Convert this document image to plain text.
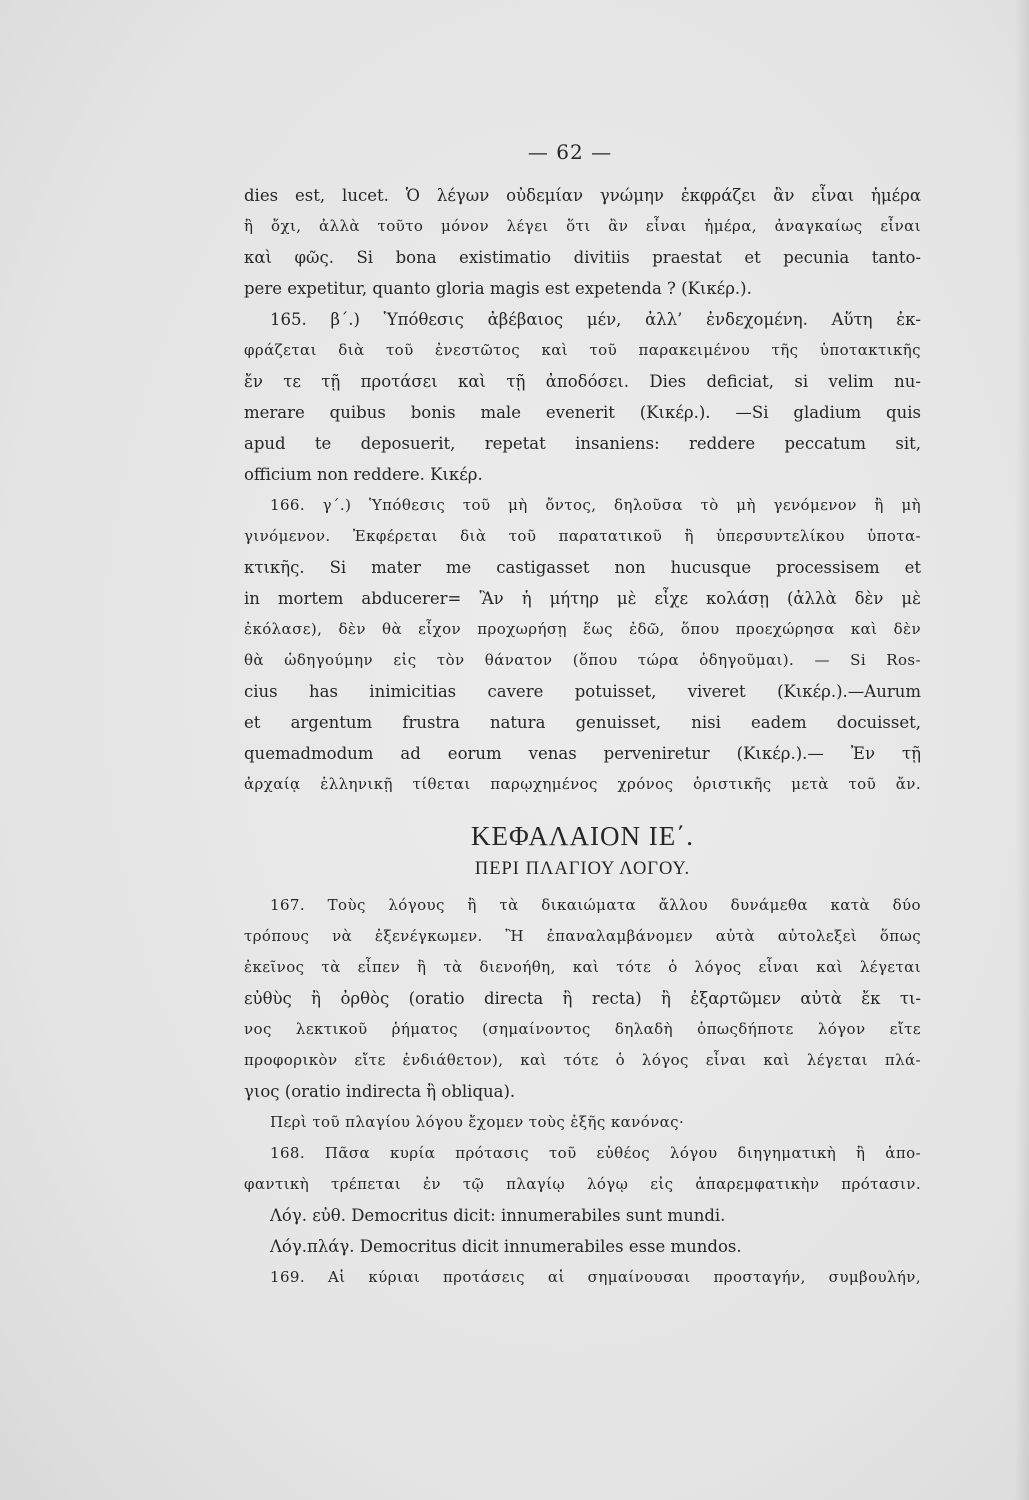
— 62 —
dies est, lucet. Ὁ λέγων οὐδεμίαν γνώμην ἐκφράζει ἂν εἶναι ἡμέρα
ἢ ὄχι, ἀλλὰ τοῦτο μόνον λέγει ὅτι ἂν εἶναι ἡμέρα, ἀναγκαίως εἶναι
καὶ φῶς. Si bona existimatio divitiis praestat et pecunia tanto-
pere expetitur, quanto gloria magis est expetenda ? (Κικέρ.).
165. β΄.) Ὑπόθεσις ἀβέβαιος μέν, ἀλλ’ ἐνδεχομένη. Αὕτη ἐκ-
φράζεται διὰ τοῦ ἐνεστῶτος καὶ τοῦ παρακειμένου τῆς ὑποτακτικῆς
ἔν τε τῇ προτάσει καὶ τῇ ἀποδόσει. Dies deficiat, si velim nu-
merare quibus bonis male evenerit (Κικέρ.). —Si gladium quis
apud te deposuerit, repetat insaniens: reddere peccatum sit,
officium non reddere. Κικέρ.
166. γ΄.) Ὑπόθεσις τοῦ μὴ ὄντος, δηλοῦσα τὸ μὴ γενόμενον ἢ μὴ
γινόμενον. Ἐκφέρεται διὰ τοῦ παρατατικοῦ ἢ ὑπερσυντελίκου ὑποτα-
κτικῆς. Si mater me castigasset non hucusque processisem et
in mortem abducerer= Ἂν ἡ μήτηρ μὲ εἶχε κολάσῃ (ἀλλὰ δὲν μὲ
ἐκόλασε), δὲν θὰ εἶχον προχωρήσῃ ἕως ἐδῶ, ὅπου προεχώρησα καὶ δὲν
θὰ ὡδηγούμην εἰς τὸν θάνατον (ὅπου τώρα ὁδηγοῦμαι). — Si Ros-
cius has inimicitias cavere potuisset, viveret (Κικέρ.).—Aurum
et argentum frustra natura genuisset, nisi eadem docuisset,
quemadmodum ad eorum venas perveniretur (Κικέρ.).— Ἐν τῇ
ἀρχαίᾳ ἑλληνικῇ τίθεται παρῳχημένος χρόνος ὁριστικῆς μετὰ τοῦ ἄν.
ΚΕΦΑΛΑΙΟΝ ΙΕ΄.
ΠΕΡΙ ΠΛΑΓΙΟΥ ΛΟΓΟΥ.
167. Τοὺς λόγους ἢ τὰ δικαιώματα ἄλλου δυνάμεθα κατὰ δύο
τρόπους νὰ ἐξενέγκωμεν. Ἢ ἐπαναλαμβάνομεν αὐτὰ αὐτολεξεὶ ὅπως
ἐκεῖνος τὰ εἶπεν ἢ τὰ διενοήθη, καὶ τότε ὁ λόγος εἶναι καὶ λέγεται
εὐθὺς ἢ ὀρθὸς (oratio directa ἢ recta) ἢ ἐξαρτῶμεν αὐτὰ ἔκ τι-
νος λεκτικοῦ ῥήματος (σημαίνοντος δηλαδὴ ὁπωςδήποτε λόγον εἴτε
προφορικὸν εἴτε ἐνδιάθετον), καὶ τότε ὁ λόγος εἶναι καὶ λέγεται πλά-
γιος (oratio indirecta ἢ obliqua).
Περὶ τοῦ πλαγίου λόγου ἔχομεν τοὺς ἑξῆς κανόνας·
168. Πᾶσα κυρία πρότασις τοῦ εὐθέος λόγου διηγηματικὴ ἢ ἀπο-
φαντικὴ τρέπεται ἐν τῷ πλαγίῳ λόγῳ εἰς ἀπαρεμφατικὴν πρότασιν.
Λόγ. εὐθ. Democritus dicit: innumerabiles sunt mundi.
Λόγ.πλάγ. Democritus dicit innumerabiles esse mundos.
169. Αἱ κύριαι προτάσεις αἱ σημαίνουσαι προσταγήν, συμβουλήν,
